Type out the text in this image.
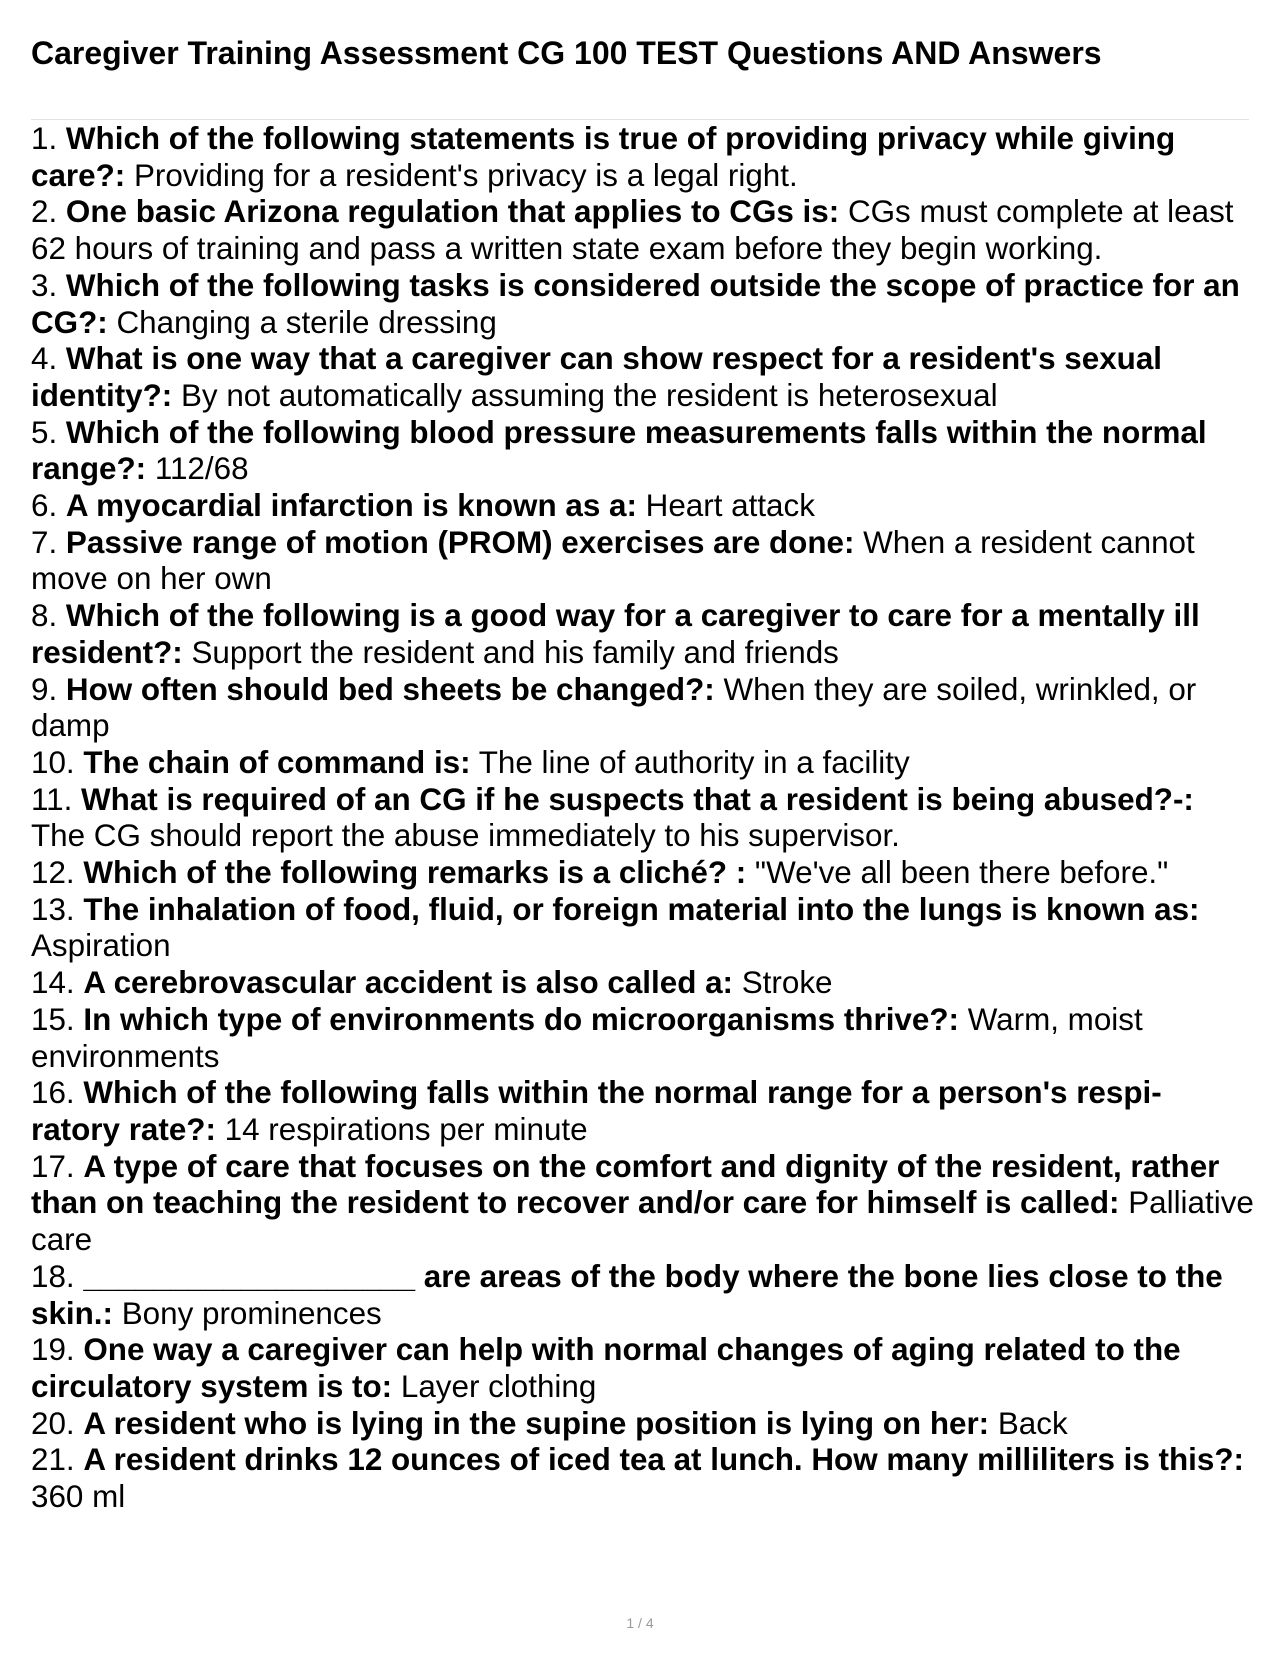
Caregiver Training Assessment CG 100 TEST Questions AND Answers
1. Which of the following statements is true of providing privacy while giving care?: Providing for a resident's privacy is a legal right.
2. One basic Arizona regulation that applies to CGs is: CGs must complete at least 62 hours of training and pass a written state exam before they begin working.
3. Which of the following tasks is considered outside the scope of practice for an CG?: Changing a sterile dressing
4. What is one way that a caregiver can show respect for a resident's sexual identity?: By not automatically assuming the resident is heterosexual
5. Which of the following blood pressure measurements falls within the normal range?: 112/68
6. A myocardial infarction is known as a: Heart attack
7. Passive range of motion (PROM) exercises are done: When a resident cannot move on her own
8. Which of the following is a good way for a caregiver to care for a mentally ill resident?: Support the resident and his family and friends
9. How often should bed sheets be changed?: When they are soiled, wrinkled, or damp
10. The chain of command is: The line of authority in a facility
11. What is required of an CG if he suspects that a resident is being abused?-: The CG should report the abuse immediately to his supervisor.
12. Which of the following remarks is a cliché? : "We've all been there before."
13. The inhalation of food, fluid, or foreign material into the lungs is known as: Aspiration
14. A cerebrovascular accident is also called a: Stroke
15. In which type of environments do microorganisms thrive?: Warm, moist environments
16. Which of the following falls within the normal range for a person's respi- ratory rate?: 14 respirations per minute
17. A type of care that focuses on the comfort and dignity of the resident, rather than on teaching the resident to recover and/or care for himself is called: Palliative care
18. ___________________ are areas of the body where the bone lies close to the skin.: Bony prominences
19. One way a caregiver can help with normal changes of aging related to the circulatory system is to: Layer clothing
20. A resident who is lying in the supine position is lying on her: Back
21. A resident drinks 12 ounces of iced tea at lunch. How many milliliters is this?: 360 ml
1 / 4
